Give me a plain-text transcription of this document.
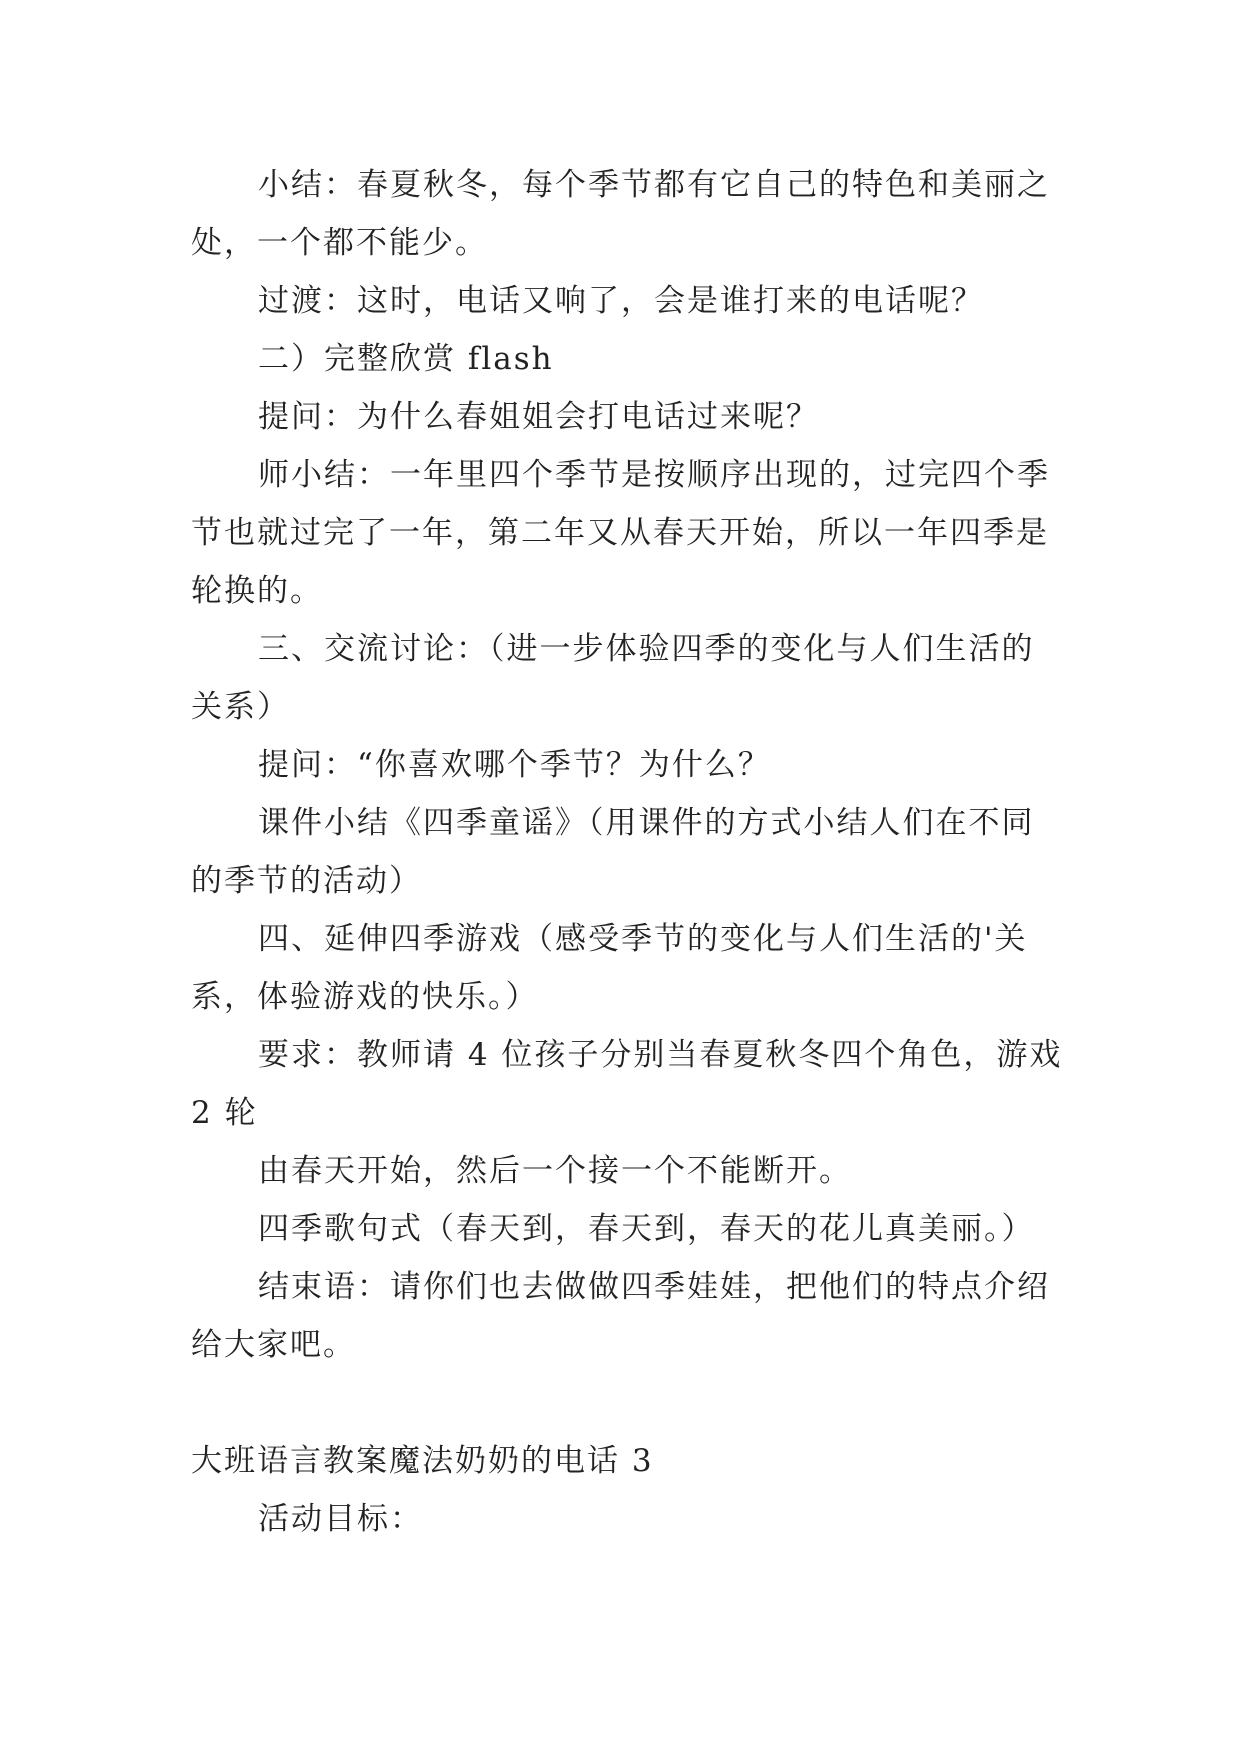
小结：春夏秋冬，每个季节都有它自己的特色和美丽之
处，一个都不能少。
过渡：这时，电话又响了，会是谁打来的电话呢？
二）完整欣赏 flash
提问：为什么春姐姐会打电话过来呢？
师小结：一年里四个季节是按顺序出现的，过完四个季
节也就过完了一年，第二年又从春天开始，所以一年四季是
轮换的。
三、交流讨论：（进一步体验四季的变化与人们生活的
关系）
提问：“你喜欢哪个季节？为什么？
课件小结《四季童谣》（用课件的方式小结人们在不同
的季节的活动）
四、延伸四季游戏（感受季节的变化与人们生活的'关
系，体验游戏的快乐。）
要求：教师请 4 位孩子分别当春夏秋冬四个角色，游戏
2 轮
由春天开始，然后一个接一个不能断开。
四季歌句式（春天到，春天到，春天的花儿真美丽。）
结束语：请你们也去做做四季娃娃，把他们的特点介绍
给大家吧。
大班语言教案魔法奶奶的电话 3
活动目标：
